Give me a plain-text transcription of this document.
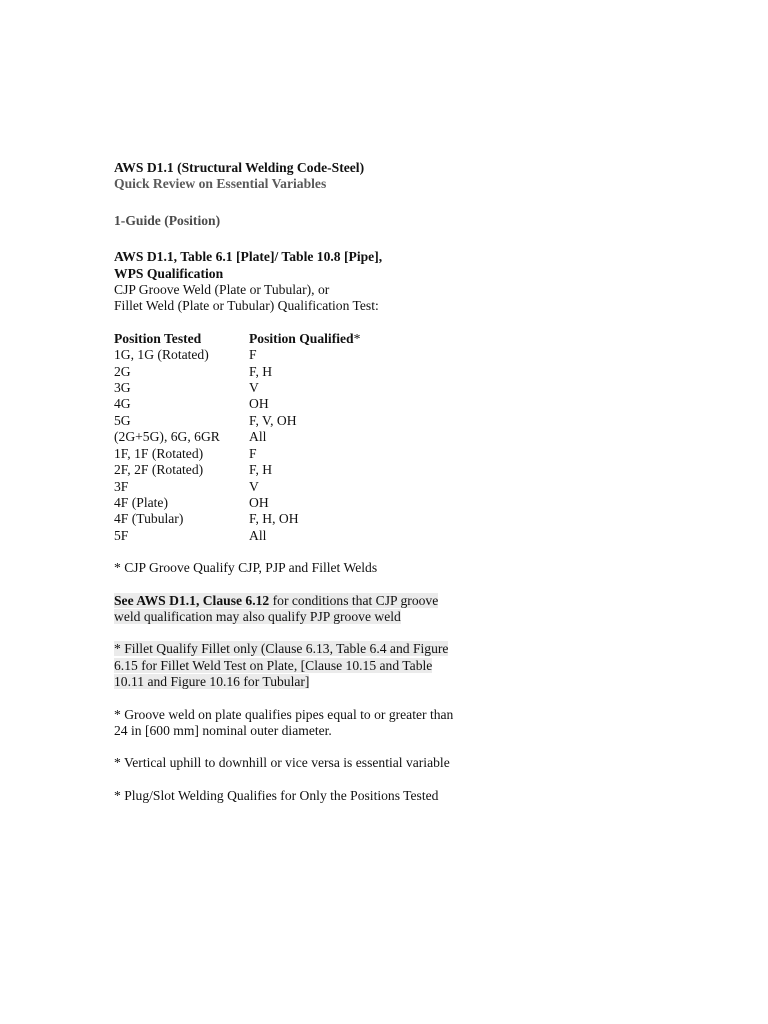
AWS D1.1 (Structural Welding Code-Steel)
Quick Review on Essential Variables
1-Guide (Position)
AWS D1.1, Table 6.1 [Plate]/ Table 10.8 [Pipe],
WPS Qualification
CJP Groove Weld (Plate or Tubular), or
Fillet Weld (Plate or Tubular) Qualification Test:
Position Tested	Position Qualified*
1G, 1G (Rotated)	F
2G	F, H
3G	V
4G	OH
5G	F, V, OH
(2G+5G), 6G, 6GR	All
1F, 1F (Rotated)	F
2F, 2F (Rotated)	F, H
3F	V
4F (Plate)	OH
4F (Tubular)	F, H, OH
5F	All
* CJP Groove Qualify CJP, PJP and Fillet Welds
See AWS D1.1, Clause 6.12 for conditions that CJP groove
weld qualification may also qualify PJP groove weld
* Fillet Qualify Fillet only (Clause 6.13, Table 6.4 and Figure
6.15 for Fillet Weld Test on Plate, [Clause 10.15 and Table
10.11 and Figure 10.16 for Tubular]
* Groove weld on plate qualifies pipes equal to or greater than
24 in [600 mm] nominal outer diameter.
* Vertical uphill to downhill or vice versa is essential variable
* Plug/Slot Welding Qualifies for Only the Positions Tested
